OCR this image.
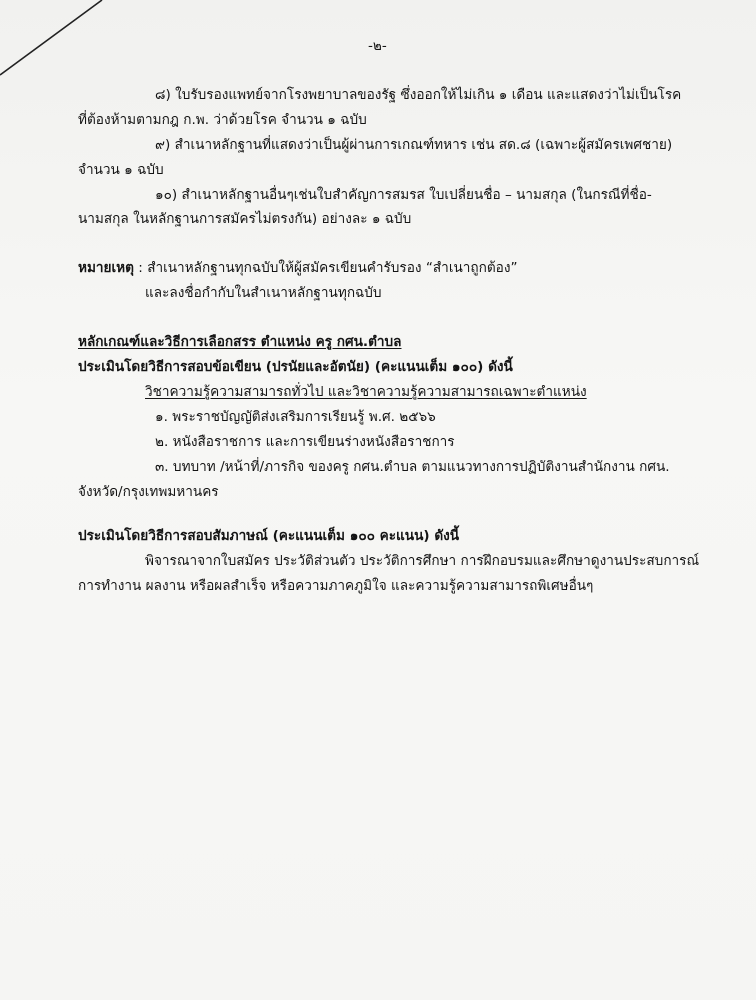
-๒-
๘) ใบรับรองแพทย์จากโรงพยาบาลของรัฐ ซึ่งออกให้ไม่เกิน ๑ เดือน และแสดงว่าไม่เป็นโรค
ที่ต้องห้ามตามกฎ ก.พ. ว่าด้วยโรค จำนวน ๑ ฉบับ
๙) สำเนาหลักฐานที่แสดงว่าเป็นผู้ผ่านการเกณฑ์ทหาร เช่น สด.๘ (เฉพาะผู้สมัครเพศชาย)
จำนวน ๑ ฉบับ
๑๐) สำเนาหลักฐานอื่นๆเช่นใบสำคัญการสมรส ใบเปลี่ยนชื่อ – นามสกุล (ในกรณีที่ชื่อ-
นามสกุล ในหลักฐานการสมัครไม่ตรงกัน) อย่างละ ๑ ฉบับ
หมายเหตุ : สำเนาหลักฐานทุกฉบับให้ผู้สมัครเขียนคำรับรอง “สำเนาถูกต้อง”
และลงชื่อกำกับในสำเนาหลักฐานทุกฉบับ
หลักเกณฑ์และวิธีการเลือกสรร ตำแหน่ง ครู กศน.ตำบล
ประเมินโดยวิธีการสอบข้อเขียน (ปรนัยและอัตนัย) (คะแนนเต็ม ๑๐๐) ดังนี้
วิชาความรู้ความสามารถทั่วไป และวิชาความรู้ความสามารถเฉพาะตำแหน่ง
๑. พระราชบัญญัติส่งเสริมการเรียนรู้ พ.ศ. ๒๕๖๖
๒. หนังสือราชการ และการเขียนร่างหนังสือราชการ
๓. บทบาท /หน้าที่/ภารกิจ ของครู กศน.ตำบล ตามแนวทางการปฏิบัติงานสำนักงาน กศน.
จังหวัด/กรุงเทพมหานคร
ประเมินโดยวิธีการสอบสัมภาษณ์ (คะแนนเต็ม ๑๐๐ คะแนน) ดังนี้
พิจารณาจากใบสมัคร ประวัติส่วนตัว ประวัติการศึกษา การฝึกอบรมและศึกษาดูงานประสบการณ์
การทำงาน ผลงาน หรือผลสำเร็จ หรือความภาคภูมิใจ และความรู้ความสามารถพิเศษอื่นๆ
